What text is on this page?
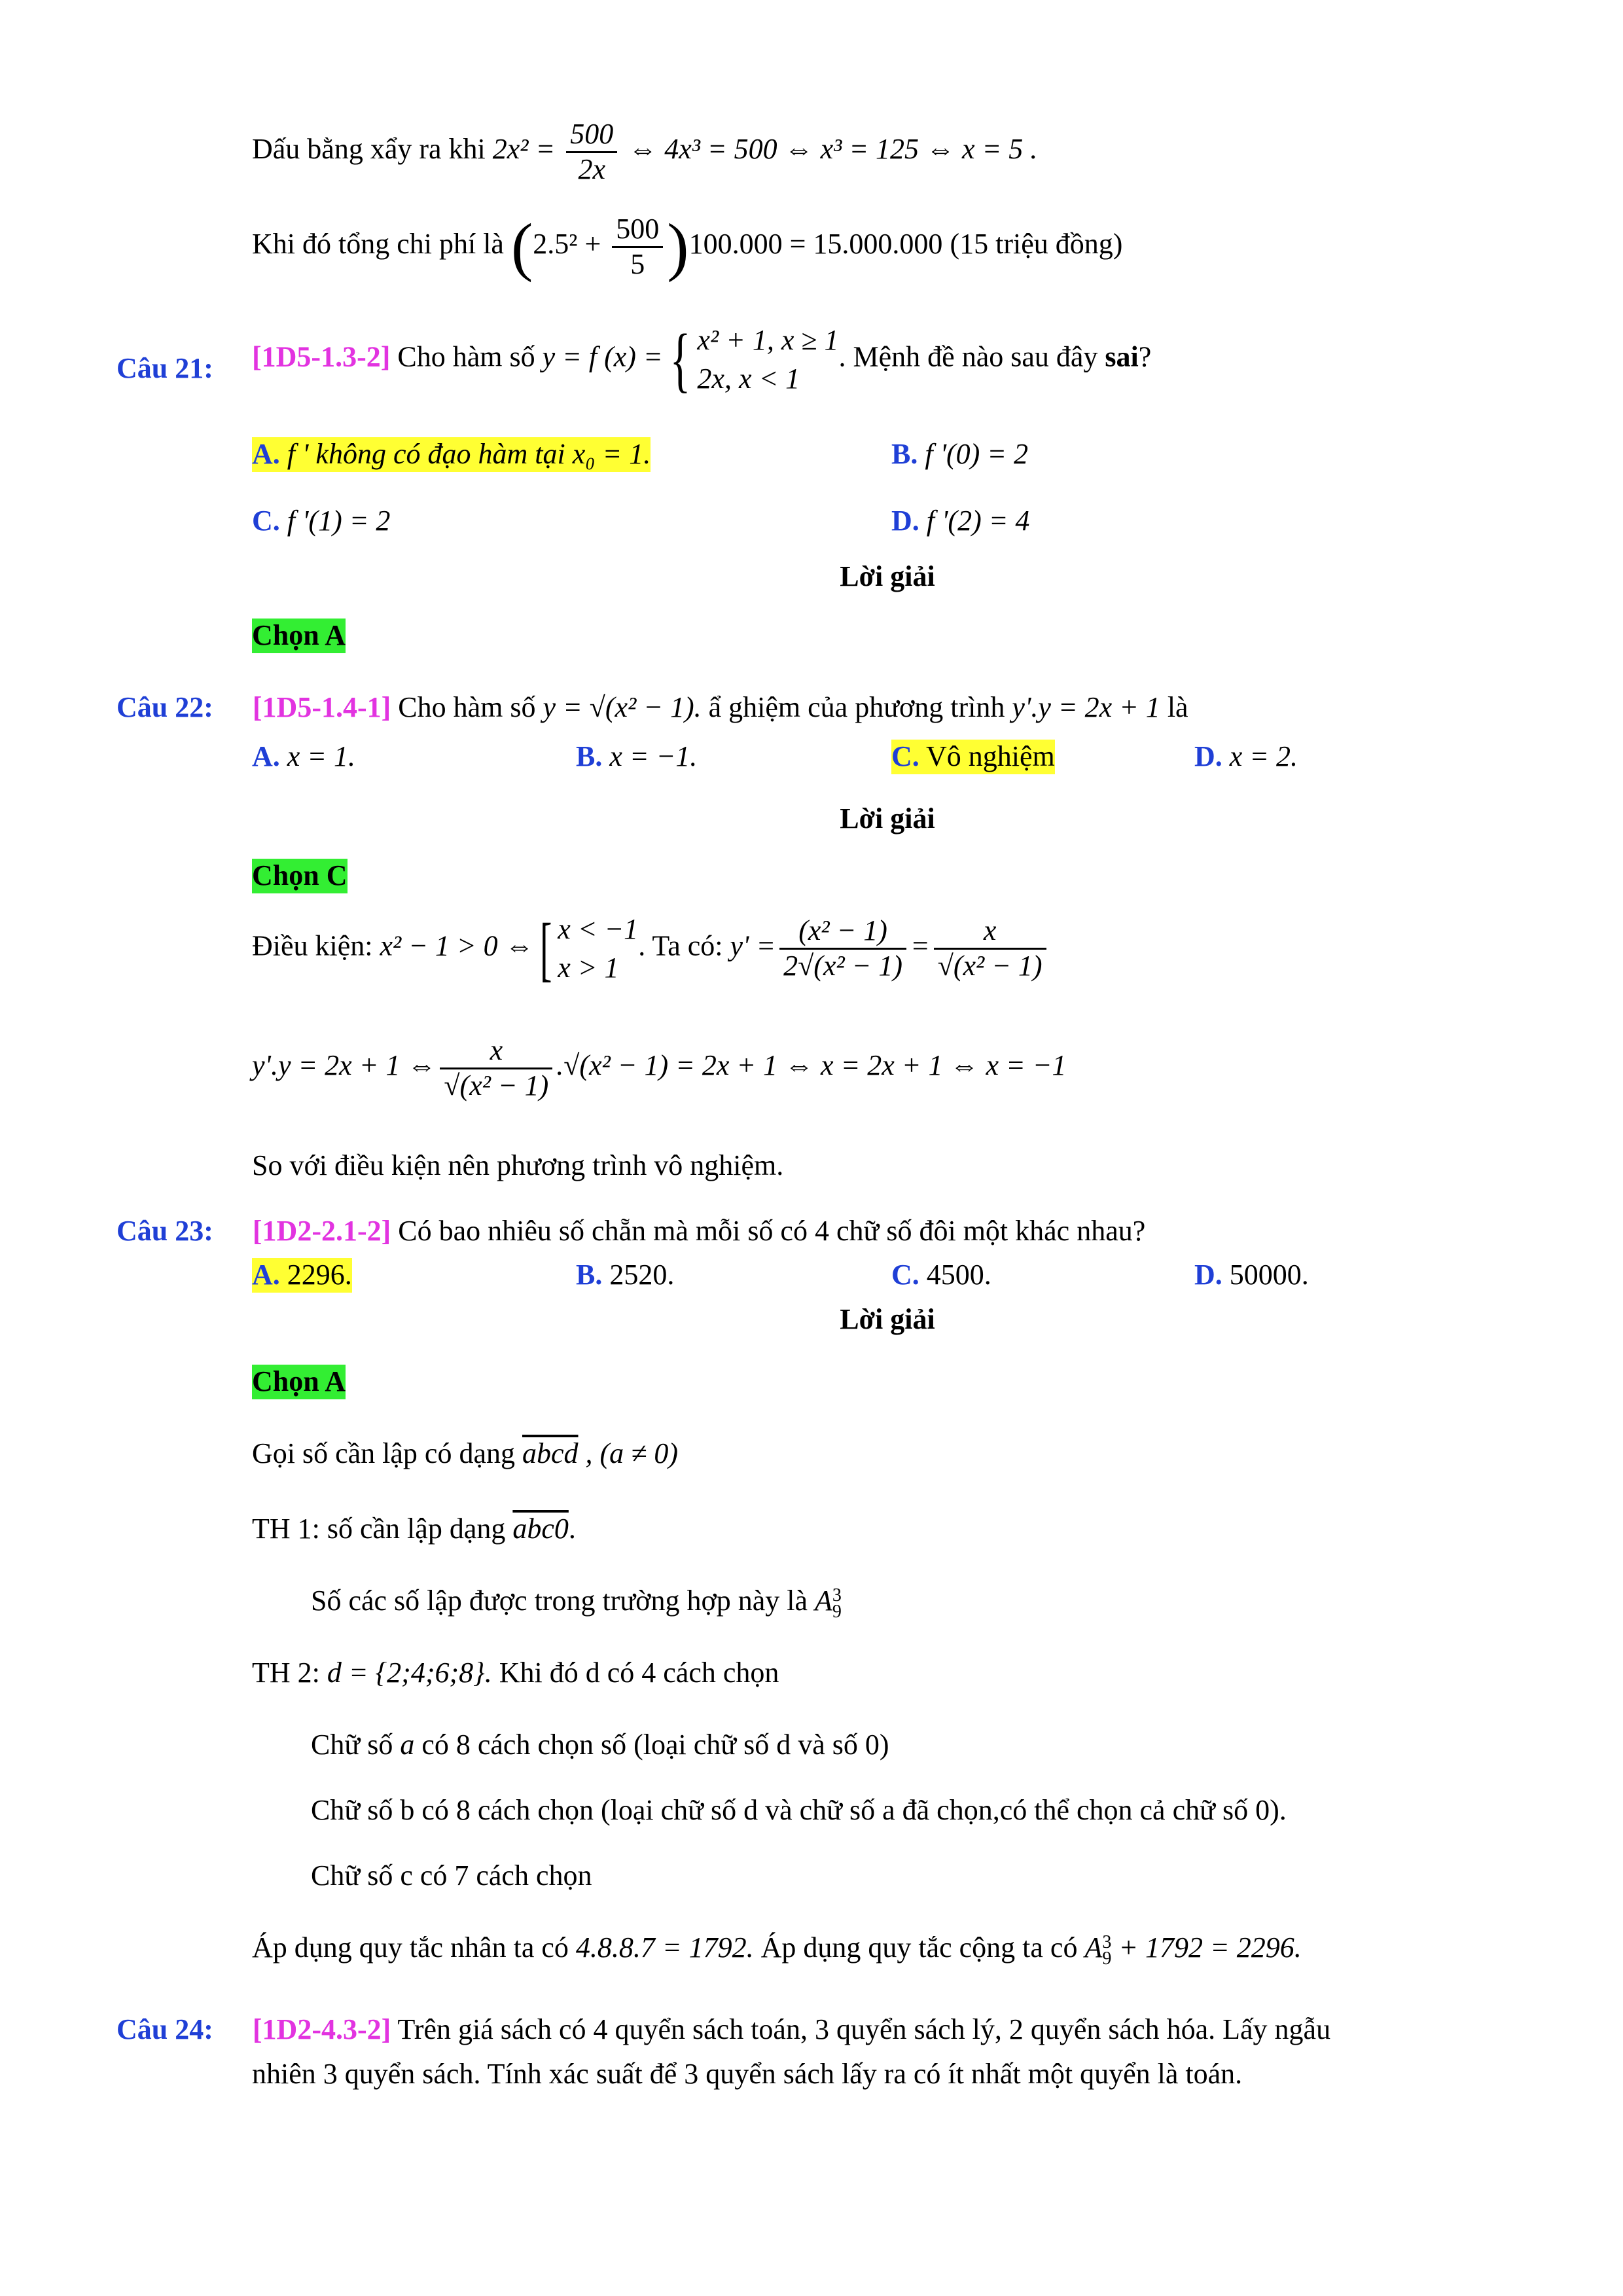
Dấu bằng xẩy ra khi $2x^2 = \frac{500}{2x}$ ⇔ 4x³ = 500 ⇔ x³ = 125 ⇔ x = 5 .
Khi đó tổng chi phí là $(2.5^2 + \frac{500}{5} )100.000 = 15.000.000$ (15 triệu đồng)
Câu 21: [1D5-1.3-2] Cho hàm số y = f (x) ={ x² + 1, x ≥ 1
2x, x < 1
. Mệnh đề nào sau đây sai?
A. f ' không có đạo hàm tại x₀ = 1.	B. f '(0) = 2
C. f '(1) = 2	D. f '(2) = 4
Lời giải
Chọn A
Câu 22: [1D5-1.4-1] Cho hàm số y = √(x² − 1). ẩ ghiệm của phương trình y'.y = 2x + 1 là
A. x = 1.	B. x = −1.	C. Vô nghiệm	D. x = 2.
Lời giải
Chọn C
Điều kiện: x² − 1 > 0 ⇔[ x < −1
x > 1
. Ta có: $y' = \frac{\text{(x² − 1)}}{\text{2√(x² − 1)}} = \frac{x}{\text{√(x² − 1)}}$
y'.y = 2x + 1 ⇔ $\frac{x}{\text{√(x² − 1)}} .√(x^2 - 1) = 2x + 1$ ⇔ x = 2x + 1 ⇔ x = −1
So với điều kiện nên phương trình vô nghiệm.
Câu 23: [1D2-2.1-2] Có bao nhiêu số chẵn mà mỗi số có 4 chữ số đôi một khác nhau?
A. 2296.	B. 2520.	C. 4500.	D. 50000.
Lời giải
Chọn A
Gọi số cần lập có dạng abcd , (a ≠ 0)
TH 1: số cần lập dạng abc0.
Số các số lập được trong trường hợp này là A 3
9
TH 2: d = {2;4;6;8}. Khi đó d có 4 cách chọn
Chữ số a có 8 cách chọn số (loại chữ số d và số 0)
Chữ số b có 8 cách chọn (loại chữ số d và chữ số a đã chọn,có thể chọn cả chữ số 0).
Chữ số c có 7 cách chọn
Áp dụng quy tắc nhân ta có 4.8.8.7 = 1792. Áp dụng quy tắc cộng ta có A 3
9 + 1792 = 2296.
Câu 24: [1D2-4.3-2] Trên giá sách có 4 quyển sách toán, 3 quyển sách lý, 2 quyển sách hóa. Lấy ngẫu
nhiên 3 quyển sách. Tính xác suất để 3 quyển sách lấy ra có ít nhất một quyển là toán.
